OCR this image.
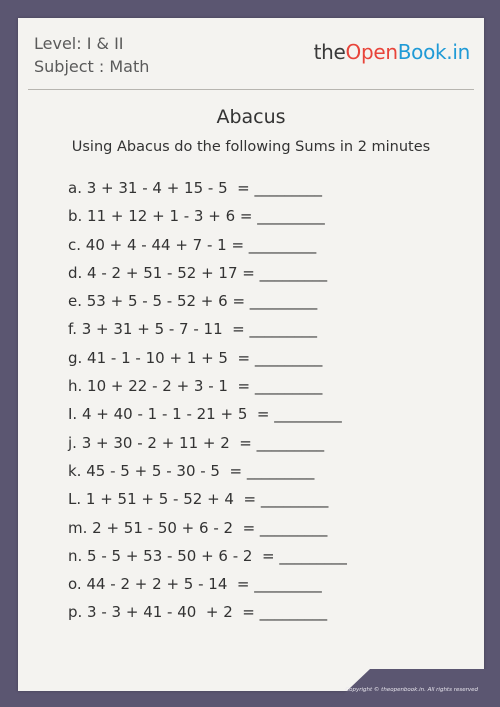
Level: I & II
Subject : Math
theOpenBook.in
Abacus
Using Abacus do the following Sums in 2 minutes
a. 3 + 31 - 4 + 15 - 5  = _________
b. 11 + 12 + 1 - 3 + 6 = _________
c. 40 + 4 - 44 + 7 - 1 = _________
d. 4 - 2 + 51 - 52 + 17 = _________
e. 53 + 5 - 5 - 52 + 6 = _________
f. 3 + 31 + 5 - 7 - 11  = _________
g. 41 - 1 - 10 + 1 + 5  = _________
h. 10 + 22 - 2 + 3 - 1  = _________
I. 4 + 40 - 1 - 1 - 21 + 5  = _________
j. 3 + 30 - 2 + 11 + 2  = _________
k. 45 - 5 + 5 - 30 - 5  = _________
L. 1 + 51 + 5 - 52 + 4  = _________
m. 2 + 51 - 50 + 6 - 2  = _________
n. 5 - 5 + 53 - 50 + 6 - 2  = _________
o. 44 - 2 + 2 + 5 - 14  = _________
p. 3 - 3 + 41 - 40  + 2  = _________
Copyright © theopenbook.in. All rights reserved
